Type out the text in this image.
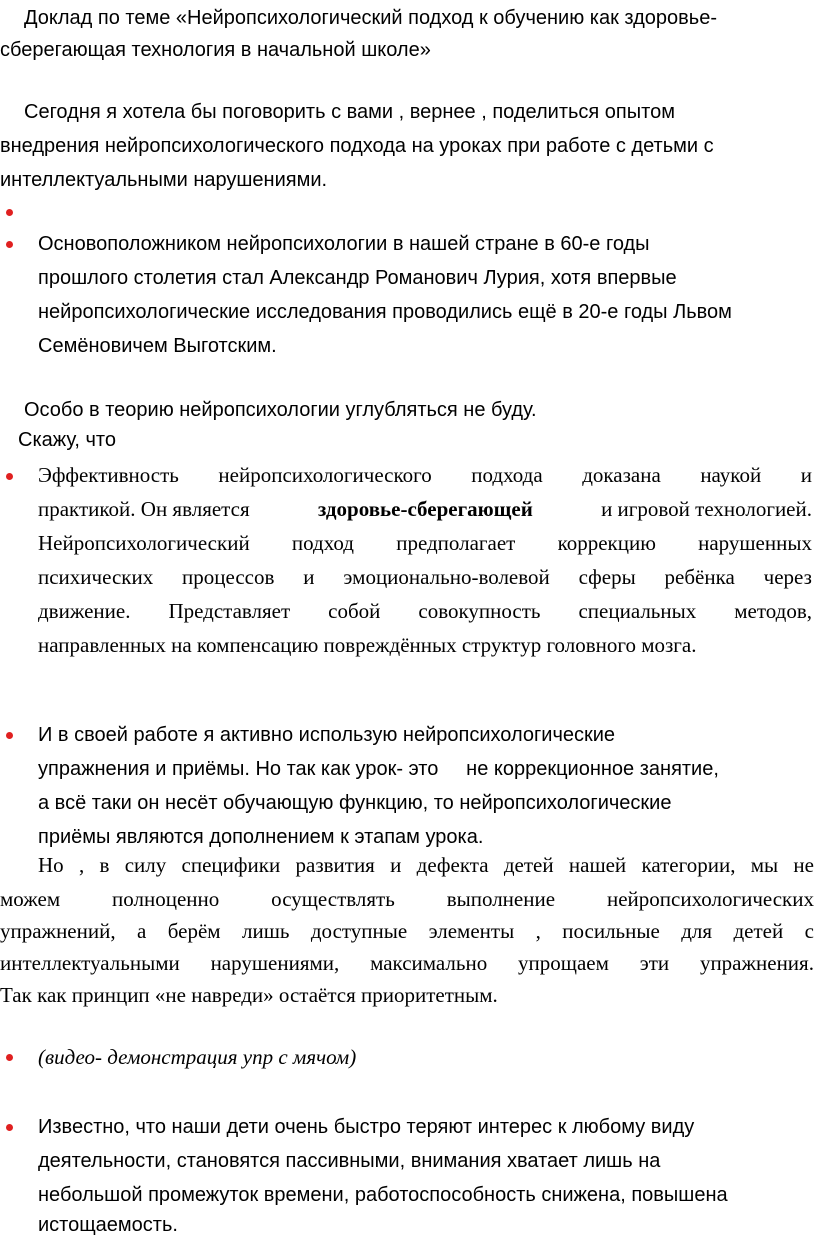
Доклад по теме «Нейропсихологический подход к обучению как здоровье-
сберегающая технология в начальной школе»
Сегодня я хотела бы поговорить с вами , вернее , поделиться опытом
внедрения нейропсихологического подхода на уроках при работе с детьми с
интеллектуальными нарушениями.
Основоположником нейропсихологии в нашей стране в 60-е годы
прошлого столетия стал Александр Романович Лурия, хотя впервые
нейропсихологические исследования проводились ещё в 20-е годы Львом
Семёновичем Выготским.
Особо в теорию нейропсихологии углубляться не буду.
Скажу, что
Эффективность нейропсихологического подхода доказана наукой и
практикой. Он является	здоровье-сберегающей	и игровой технологией.
Нейропсихологический подход предполагает коррекцию нарушенных
психических процессов и эмоционально-волевой сферы ребёнка через
движение. Представляет собой совокупность специальных методов,
направленных на компенсацию повреждённых структур головного мозга.
И в своей работе я активно использую нейропсихологические
упражнения и приёмы. Но так как урок- это     не коррекционное занятие,
а всё таки он несёт обучающую функцию, то нейропсихологические
приёмы являются дополнением к этапам урока.
Но , в силу специфики развития и дефекта детей нашей категории, мы не
можем полноценно осуществлять выполнение нейропсихологических
упражнений, а берём лишь доступные элементы , посильные для детей с
интеллектуальными нарушениями, максимально упрощаем эти упражнения.
Так как принцип «не навреди» остаётся приоритетным.
(видео- демонстрация упр с мячом)
Известно, что наши дети очень быстро теряют интерес к любому виду
деятельности, становятся пассивными, внимания хватает лишь на
небольшой промежуток времени, работоспособность снижена, повышена
истощаемость.
